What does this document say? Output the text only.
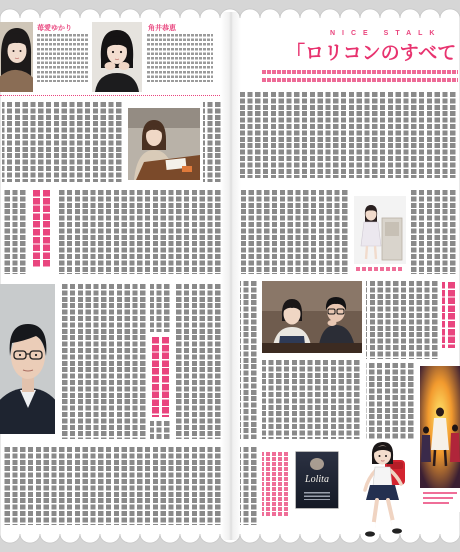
苺愛ゆかり	角井恭恵
NICE STALK
「ロリコンのすべて
Lolita
